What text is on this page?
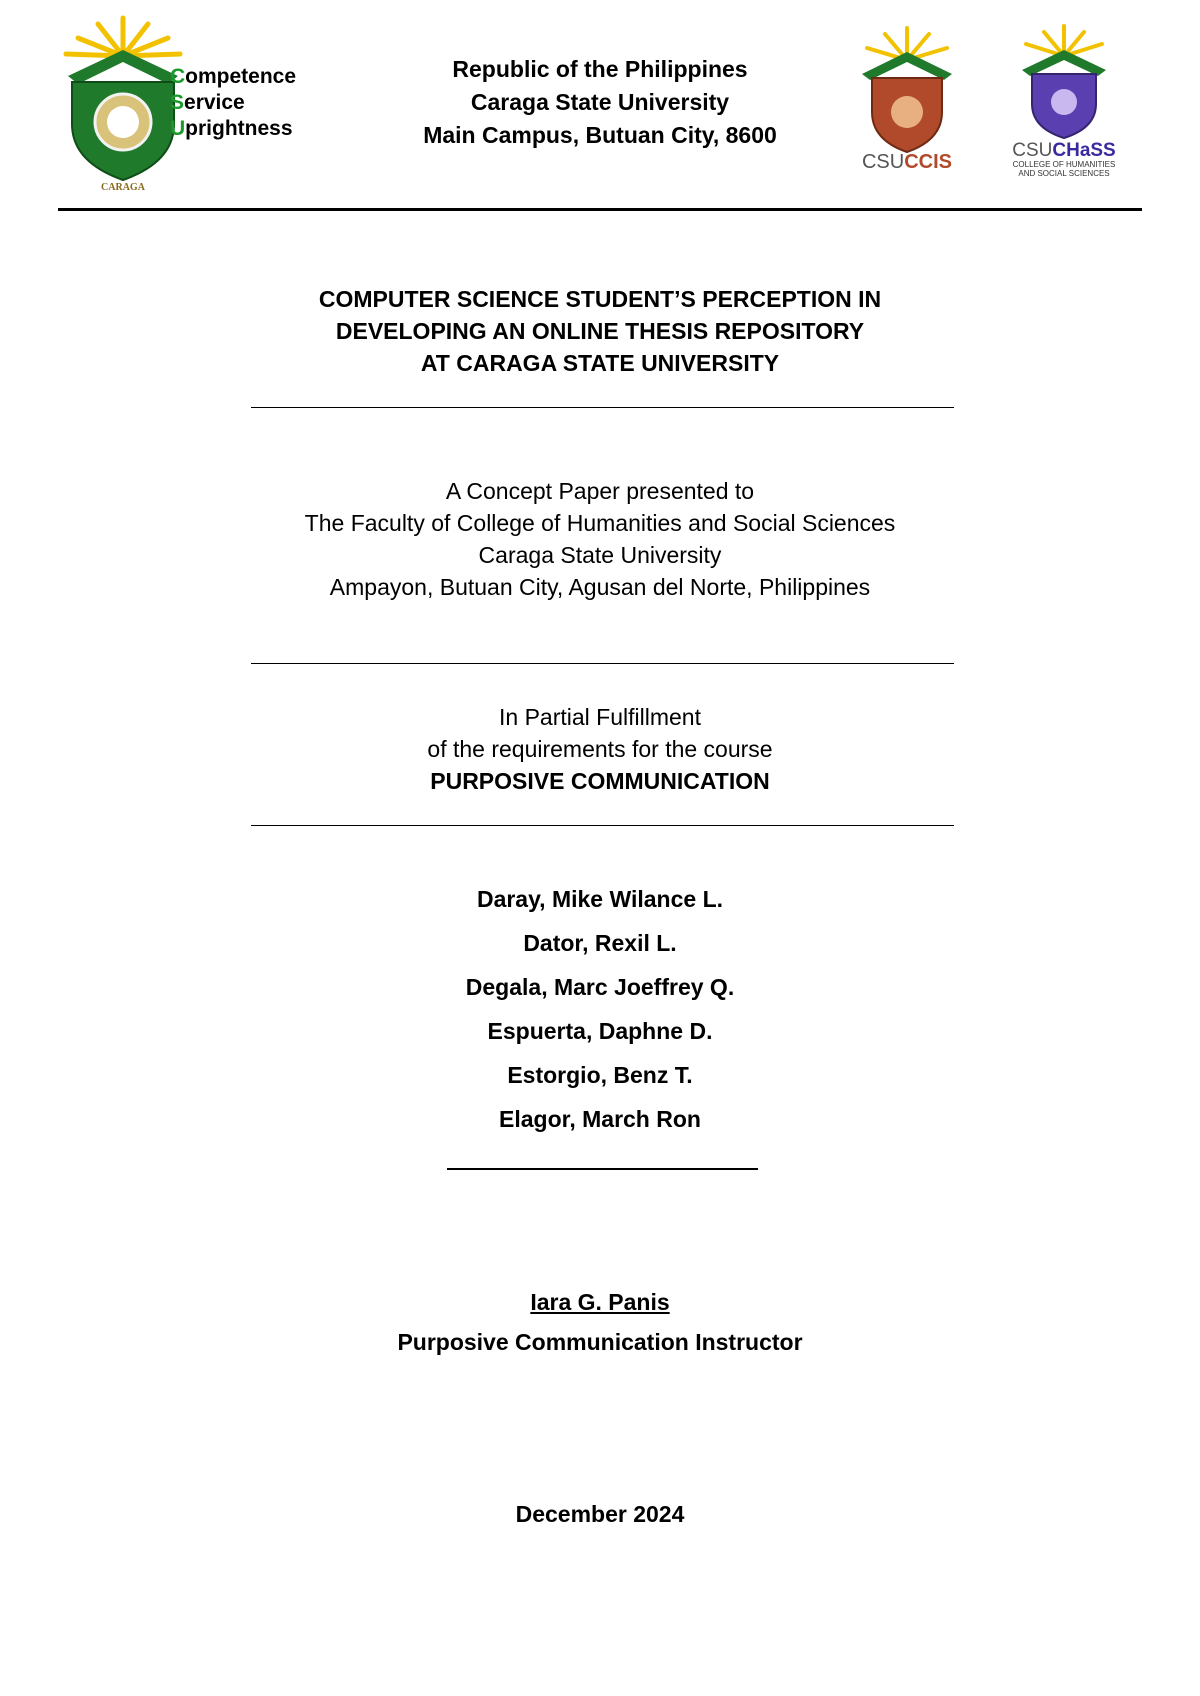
CARAGA
Competence
Service
Uprightness
Republic of the Philippines
Caraga State University
Main Campus, Butuan City, 8600
CSUCCIS
CSUCHaSS
COLLEGE OF HUMANITIES
AND SOCIAL SCIENCES
COMPUTER SCIENCE STUDENT’S PERCEPTION IN
DEVELOPING AN ONLINE THESIS REPOSITORY
AT CARAGA STATE UNIVERSITY
A Concept Paper presented to
The Faculty of College of Humanities and Social Sciences
Caraga State University
Ampayon, Butuan City, Agusan del Norte, Philippines
In Partial Fulfillment
of the requirements for the course
PURPOSIVE COMMUNICATION
Daray, Mike Wilance L.
Dator, Rexil L.
Degala, Marc Joeffrey Q.
Espuerta, Daphne D.
Estorgio, Benz T.
Elagor, March Ron
Iara G. Panis
Purposive Communication Instructor
December 2024
